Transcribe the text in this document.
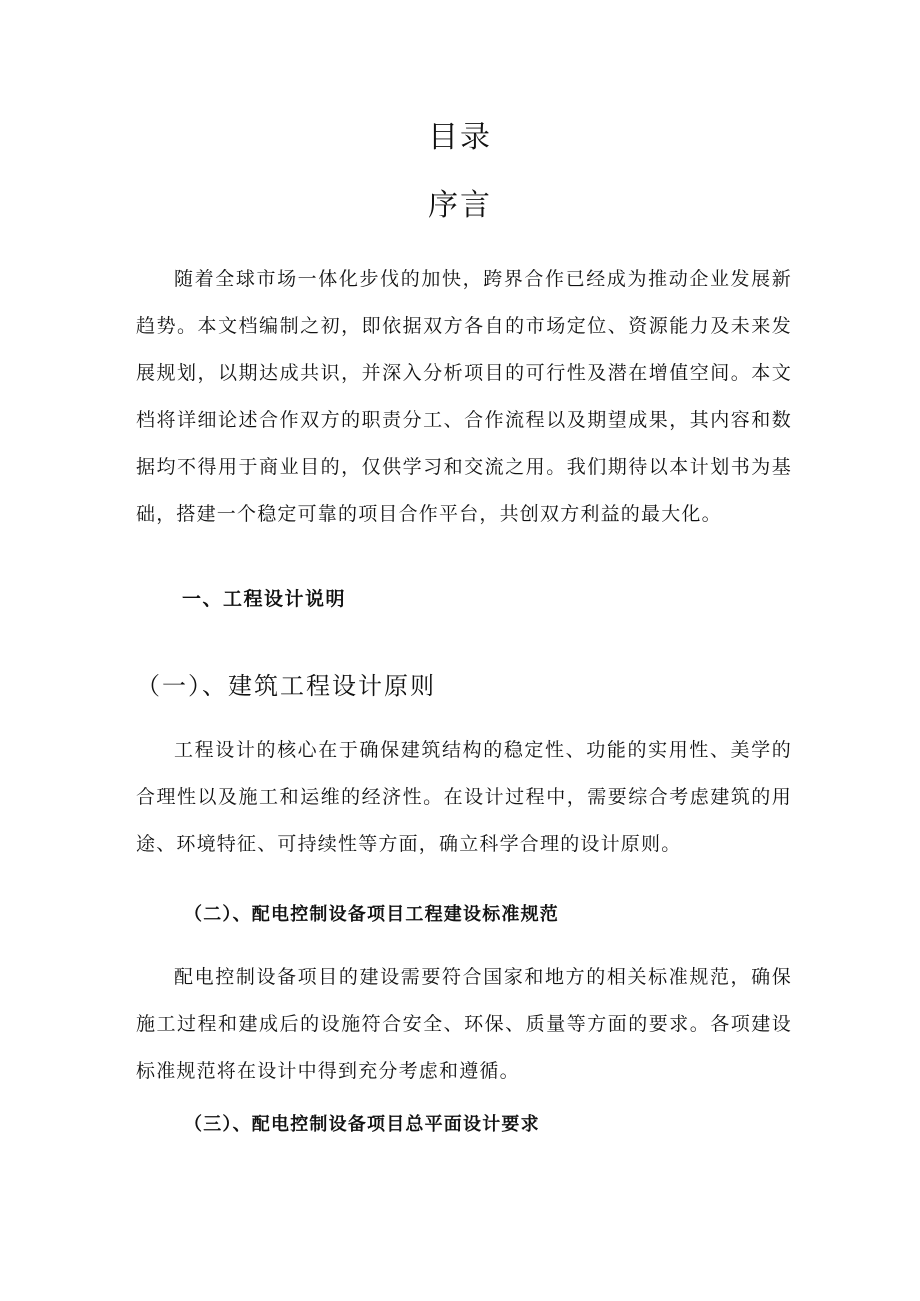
目录
序言
随着全球市场一体化步伐的加快，跨界合作已经成为推动企业发展新趋势。本文档编制之初，即依据双方各自的市场定位、资源能力及未来发展规划，以期达成共识，并深入分析项目的可行性及潜在增值空间。本文档将详细论述合作双方的职责分工、合作流程以及期望成果，其内容和数据均不得用于商业目的，仅供学习和交流之用。我们期待以本计划书为基础，搭建一个稳定可靠的项目合作平台，共创双方利益的最大化。
一、工程设计说明
（一）、建筑工程设计原则
工程设计的核心在于确保建筑结构的稳定性、功能的实用性、美学的合理性以及施工和运维的经济性。在设计过程中，需要综合考虑建筑的用途、环境特征、可持续性等方面，确立科学合理的设计原则。
（二）、配电控制设备项目工程建设标准规范
配电控制设备项目的建设需要符合国家和地方的相关标准规范，确保施工过程和建成后的设施符合安全、环保、质量等方面的要求。各项建设标准规范将在设计中得到充分考虑和遵循。
（三）、配电控制设备项目总平面设计要求
